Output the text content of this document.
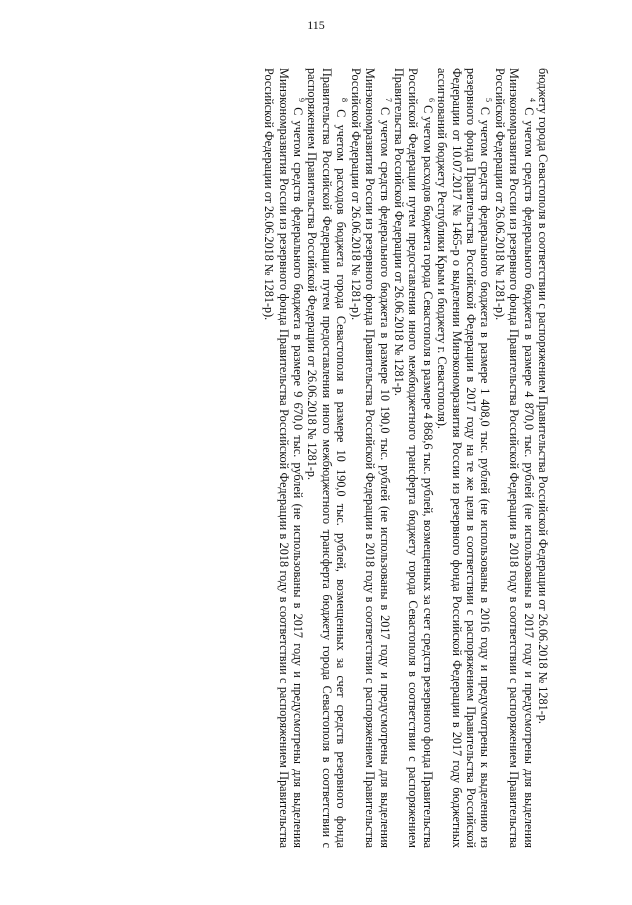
115

бюджету города Севастополя в соответствии с распоряжением Правительства Российской Федерации от 26.06.2018 № 1281-р.

$^4$ С учетом средств федерального бюджета в размере 4 870,0 тыс. рублей (не использованы в 2017 году и предусмотрены для выделения Минэкономразвития России из резервного фонда Правительства Российской Федерации в 2018 году в соответствии с распоряжением Правительства Российской Федерации от 26.06.2018 № 1281-р).

$^5$ С учетом средств федерального бюджета в размере 1 408,0 тыс. рублей (не использованы в 2016 году и предусмотрены к выделению из резервного фонда Правительства Российской Федерации в 2017 году на те же цели в соответствии с распоряжением Правительства Российской Федерации от 10.07.2017 № 1465-р о выделении Минэкономразвития России из резервного фонда Российской Федерации в 2017 году бюджетных ассигнований бюджету Республики Крым и бюджету г. Севастополя).

$^6$ С учетом расходов бюджета города Севастополя в размере 4 868,6 тыс. рублей, возмещенных за счет средств резервного фонда Правительства Российской Федерации путем предоставления иного межбюджетного трансферта бюджету города Севастополя в соответствии с распоряжением Правительства Российской Федерации от 26.06.2018 № 1281-р.

$^7$ С учетом средств федерального бюджета в размере 10 190,0 тыс. рублей (не использованы в 2017 году и предусмотрены для выделения Минэкономразвития России из резервного фонда Правительства Российской Федерации в 2018 году в соответствии с распоряжением Правительства Российской Федерации от 26.06.2018 № 1281-р).

$^8$ С учетом расходов бюджета города Севастополя в размере 10 190,0 тыс. рублей, возмещенных за счет средств резервного фонда Правительства Российской Федерации путем предоставления иного межбюджетного трансферта бюджету города Севастополя в соответствии с распоряжением Правительства Российской Федерации от 26.06.2018 № 1281-р.

$^9$ С учетом средств федерального бюджета в размере 9 670,0 тыс. рублей (не использованы в 2017 году и предусмотрены для выделения Минэкономразвития России из резервного фонда Правительства Российской Федерации в 2018 году в соответствии с распоряжением Правительства Российской Федерации от 26.06.2018 № 1281-р).
